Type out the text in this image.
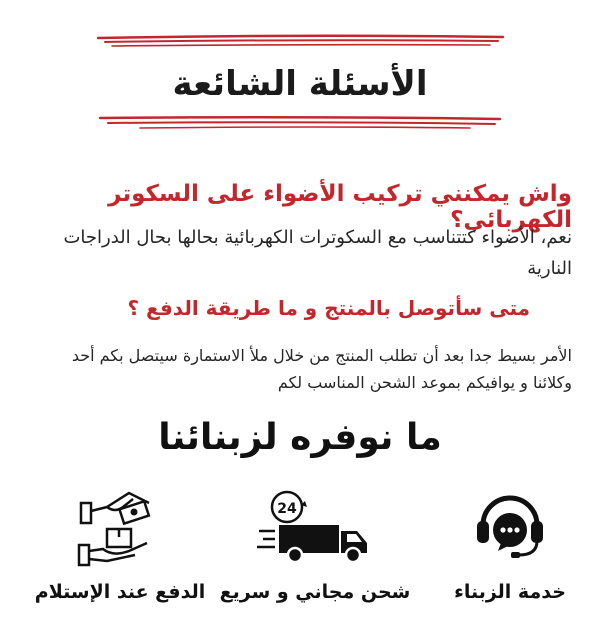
الأسئلة الشائعة
واش يمكنني تركيب الأضواء على السكوتر الكهربائي؟
نعم، الأضواء كتتناسب مع السكوترات الكهربائية بحالها بحال الدراجات النارية
متى سأتوصل بالمنتج و ما طريقة الدفع ؟
الأمر بسيط جدا بعد أن تطلب المنتج من خلال ملأ الاستمارة سيتصل بكم أحد وكلائنا و يوافيكم بموعد الشحن المناسب لكم
ما نوفره لزبنائنا
خدمة الزبناء
24
شحن مجاني و سريع
الدفع عند الإستلام
